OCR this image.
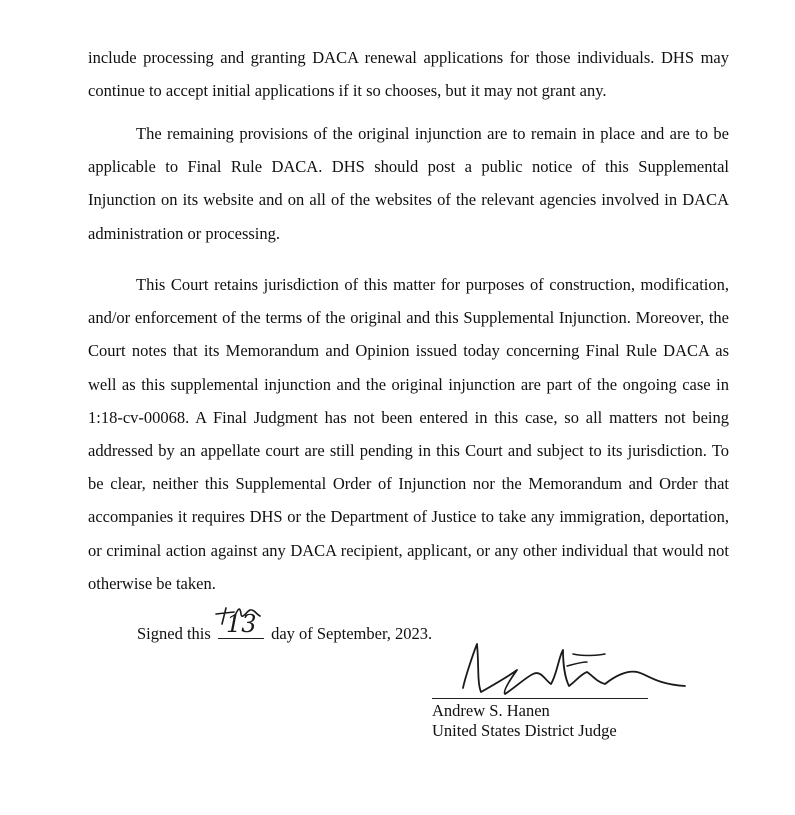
include processing and granting DACA renewal applications for those individuals. DHS may continue to accept initial applications if it so chooses, but it may not grant any.

The remaining provisions of the original injunction are to remain in place and are to be applicable to Final Rule DACA. DHS should post a public notice of this Supplemental Injunction on its website and on all of the websites of the relevant agencies involved in DACA administration or processing.

This Court retains jurisdiction of this matter for purposes of construction, modification, and/or enforcement of the terms of the original and this Supplemental Injunction. Moreover, the Court notes that its Memorandum and Opinion issued today concerning Final Rule DACA as well as this supplemental injunction and the original injunction are part of the ongoing case in 1:18-cv-00068. A Final Judgment has not been entered in this case, so all matters not being addressed by an appellate court are still pending in this Court and subject to its jurisdiction. To be clear, neither this Supplemental Order of Injunction nor the Memorandum and Order that accompanies it requires DHS or the Department of Justice to take any immigration, deportation, or criminal action against any DACA recipient, applicant, or any other individual that would not otherwise be taken.

Signed this 13 day of September, 2023.
Andrew S. Hanen
United States District Judge
